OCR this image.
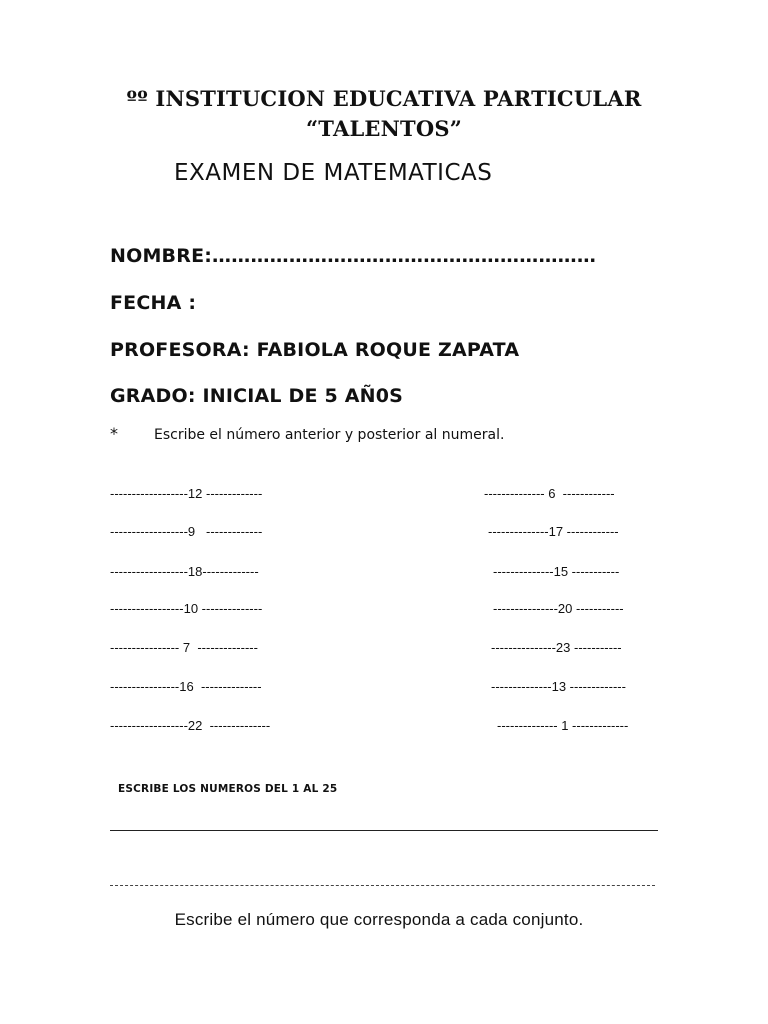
ºº INSTITUCION EDUCATIVA PARTICULAR
“TALENTOS”
EXAMEN DE MATEMATICAS
NOMBRE:……………………………………………………
FECHA :
PROFESORA: FABIOLA ROQUE ZAPATA
GRADO: INICIAL DE 5 AÑ0S
*	Escribe el número anterior y posterior al numeral.
------------------12 -------------
------------------9   -------------
------------------18-------------
-----------------10 --------------
---------------- 7  --------------
----------------16  --------------
------------------22  --------------
-------------- 6  ------------
--------------17 ------------
--------------15 -----------
---------------20 -----------
---------------23 -----------
--------------13 -------------
-------------- 1 -------------
ESCRIBE LOS NUMEROS DEL 1 AL 25
Escribe el número que corresponda a cada conjunto.
